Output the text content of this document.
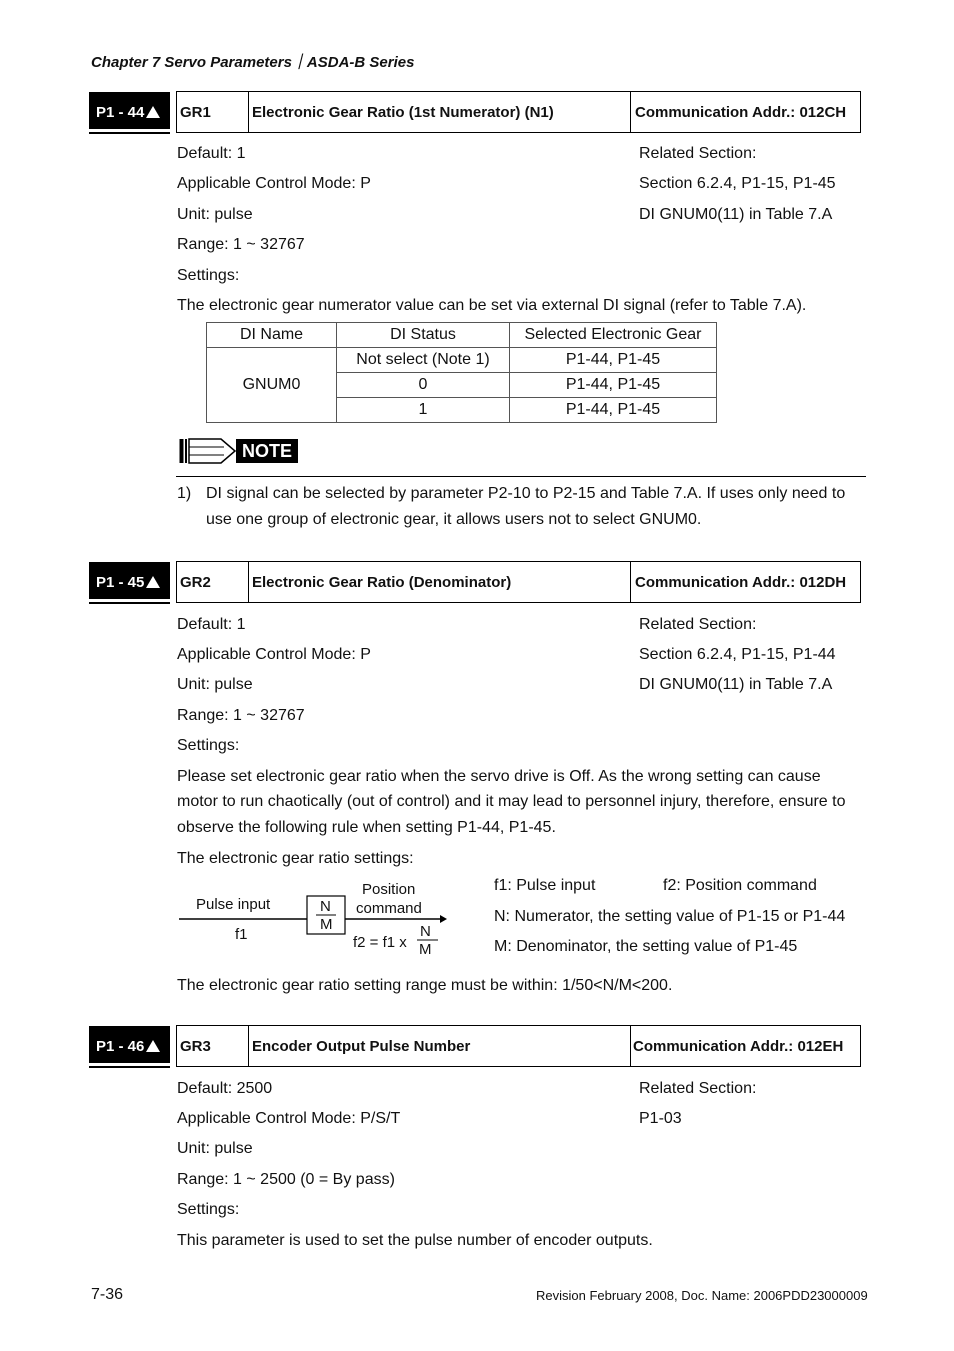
Chapter 7 Servo Parameters｜ASDA-B Series
P1 - 44	GR1	Electronic Gear Ratio (1st Numerator) (N1)	Communication Addr.: 012CH
Default: 1
Applicable Control Mode: P
Unit: pulse
Range: 1 ~ 32767
Settings:
Related Section:
Section 6.2.4, P1-15, P1-45
DI GNUM0(11) in Table 7.A
The electronic gear numerator value can be set via external DI signal (refer to Table 7.A).
DI Name	DI Status	Selected Electronic Gear
GNUM0	Not select (Note 1)	P1-44, P1-45
	0	P1-44, P1-45
	1	P1-44, P1-45
NOTE
1) DI signal can be selected by parameter P2-10 to P2-15 and Table 7.A. If uses only need to
use one group of electronic gear, it allows users not to select GNUM0.
P1 - 45	GR2	Electronic Gear Ratio (Denominator)	Communication Addr.: 012DH
Default: 1
Applicable Control Mode: P
Unit: pulse
Range: 1 ~ 32767
Settings:
Related Section:
Section 6.2.4, P1-15, P1-44
DI GNUM0(11) in Table 7.A
Please set electronic gear ratio when the servo drive is Off. As the wrong setting can cause
motor to run chaotically (out of control) and it may lead to personnel injury, therefore, ensure to
observe the following rule when setting P1-44, P1-45.
The electronic gear ratio settings:
Pulse input
f1
N
M
Position
command
f2 = f1 x
N
M
f1: Pulse input	f2: Position command
N: Numerator, the setting value of P1-15 or P1-44
M: Denominator, the setting value of P1-45
The electronic gear ratio setting range must be within: 1/50<N/M<200.
P1 - 46	GR3	Encoder Output Pulse Number	Communication Addr.: 012EH
Default: 2500
Applicable Control Mode: P/S/T
Unit: pulse
Range: 1 ~ 2500 (0 = By pass)
Settings:
Related Section:
P1-03
This parameter is used to set the pulse number of encoder outputs.
7-36	Revision February 2008, Doc. Name: 2006PDD23000009
